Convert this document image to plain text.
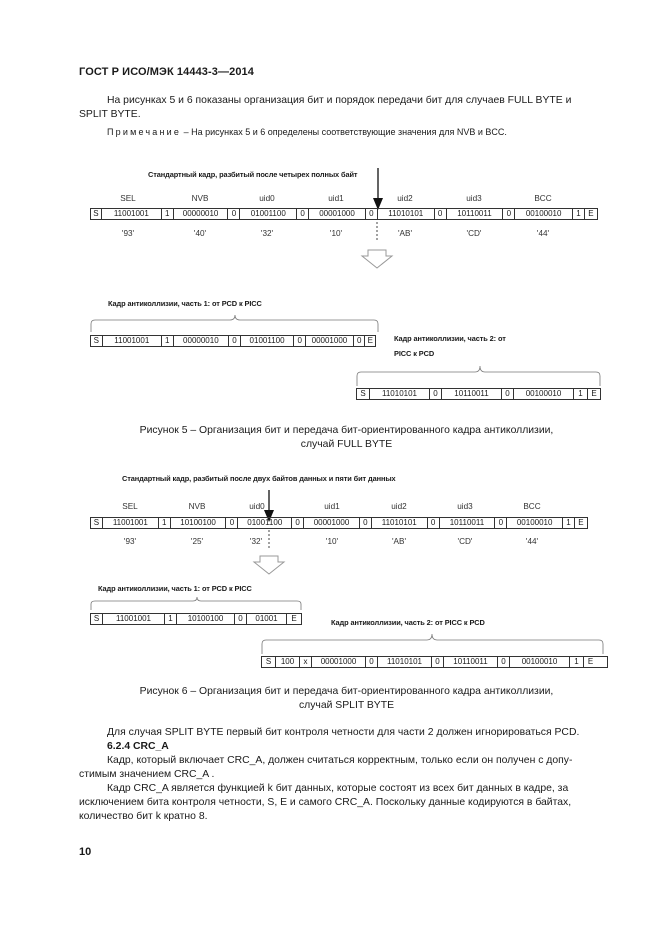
ГОСТ Р ИСО/МЭК 14443-3—2014
На рисунках 5 и 6 показаны организация бит и порядок передачи бит для случаев FULL BYTE и
SPLIT BYTE.
Примечание – На рисунках 5 и 6 определены соответствующие значения для NVB и BCC.
Стандартный кадр, разбитый после четырех полных байт
SEL	NVB	uid0	uid1	uid2	uid3	BCC
S	11001001	1	00000010	0	01001100	0	00001000	0	11010101	0	10110011	0	00100010	1 E
'93'	'40'	'32'	'10'	'AB'	'CD'	'44'
Кадр антиколлизии, часть 1: от PCD к PICC
S	11001001	1	00000010	0	01001100	0	00001000	0 E	Кадр антиколлизии, часть 2: от
PICC к PCD
S	11010101	0	10110011	0	00100010	1	E
Рисунок 5 – Организация бит и передача бит-ориентированного кадра антиколлизии,
случай FULL BYTE
Стандартный кадр, разбитый после двух байтов данных и пяти бит данных
SEL	NVB	uid0	uid1	uid2	uid3	BCC
S	11001001	1	10100100	0	01001100	0	00001000	0	11010101	0	10110011	0	00100010	1 E
'93'	'25'	'32'	'10'	'AB'	'CD'	'44'
Кадр антиколлизии, часть 1: от PCD к PICC
S	11001001	1	10100100	0	01001	E	Кадр антиколлизии, часть 2: от PICC к PCD
S	100	x	00001000	0	11010101	0	10110011	0	00100010	1	E
Рисунок 6 – Организация бит и передача бит-ориентированного кадра антиколлизии,
случай SPLIT BYTE
Для случая SPLIT BYTE первый бит контроля четности для части 2 должен игнорироваться PCD.
6.2.4 CRC_A
Кадр, который включает CRC_A, должен считаться корректным, только если он получен с допу-
стимым значением CRC_A .
Кадр CRC_A является функцией k бит данных, которые состоят из всех бит данных в кадре, за
исключением бита контроля четности, S, E и самого CRC_A. Поскольку данные кодируются в байтах,
количество бит k кратно 8.
10
